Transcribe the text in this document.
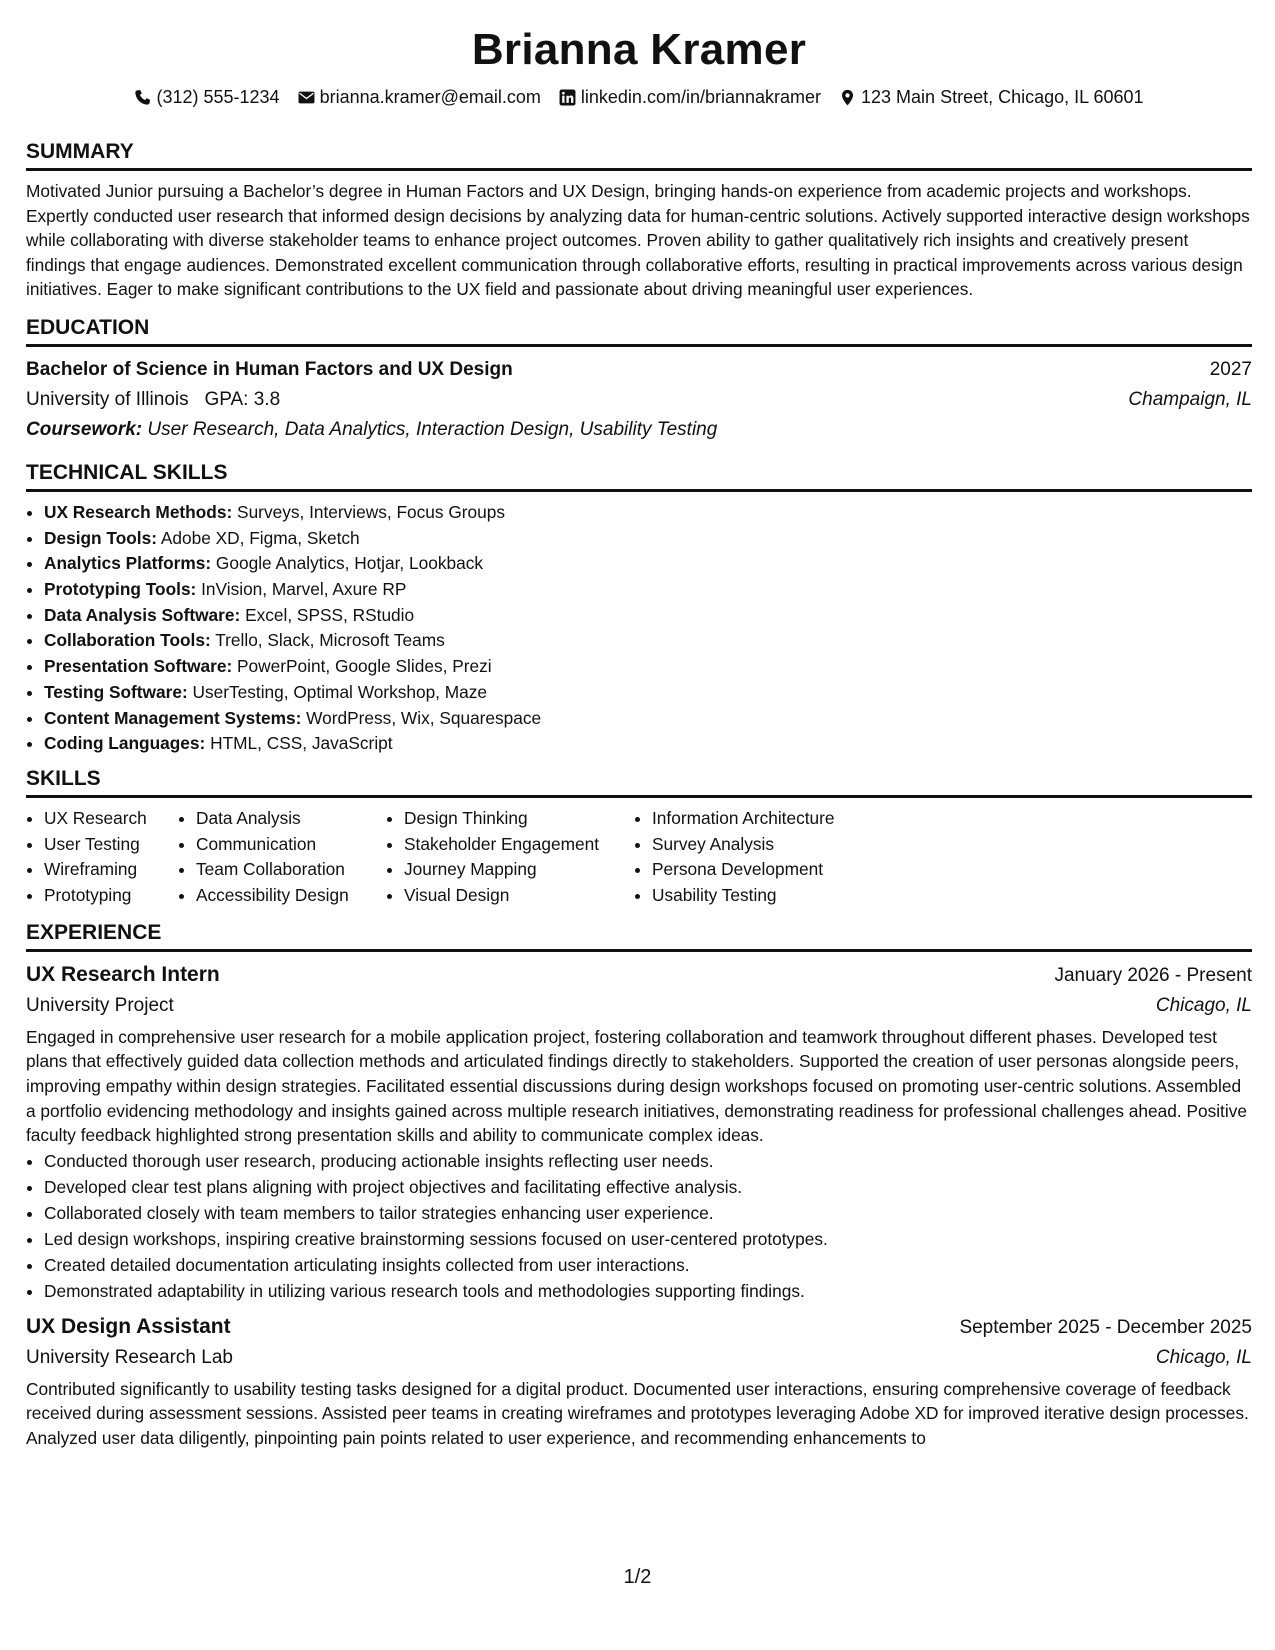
Brianna Kramer
(312) 555-1234 brianna.kramer@email.com linkedin.com/in/briannakramer 123 Main Street, Chicago, IL 60601
SUMMARY

Motivated Junior pursuing a Bachelor’s degree in Human Factors and UX Design, bringing hands-on experience from academic projects and workshops. Expertly conducted user research that informed design decisions by analyzing data for human-centric solutions. Actively supported interactive design workshops while collaborating with diverse stakeholder teams to enhance project outcomes. Proven ability to gather qualitatively rich insights and creatively present findings that engage audiences. Demonstrated excellent communication through collaborative efforts, resulting in practical improvements across various design initiatives. Eager to make significant contributions to the UX field and passionate about driving meaningful user experiences.

EDUCATION
Bachelor of Science in Human Factors and UX Design	2027
University of Illinois GPA: 3.8	Champaign, IL
Coursework: User Research, Data Analytics, Interaction Design, Usability Testing
TECHNICAL SKILLS
• UX Research Methods: Surveys, Interviews, Focus Groups
• Design Tools: Adobe XD, Figma, Sketch
• Analytics Platforms: Google Analytics, Hotjar, Lookback
• Prototyping Tools: InVision, Marvel, Axure RP
• Data Analysis Software: Excel, SPSS, RStudio
• Collaboration Tools: Trello, Slack, Microsoft Teams
• Presentation Software: PowerPoint, Google Slides, Prezi
• Testing Software: UserTesting, Optimal Workshop, Maze
• Content Management Systems: WordPress, Wix, Squarespace
• Coding Languages: HTML, CSS, JavaScript
SKILLS
• UX Research
• User Testing
• Wireframing
• Prototyping
• Data Analysis
• Communication
• Team Collaboration
• Accessibility Design
• Design Thinking
• Stakeholder Engagement
• Journey Mapping
• Visual Design
• Information Architecture
• Survey Analysis
• Persona Development
• Usability Testing
EXPERIENCE
UX Research Intern	January 2026 - Present
University Project	Chicago, IL

Engaged in comprehensive user research for a mobile application project, fostering collaboration and teamwork throughout different phases. Developed test plans that effectively guided data collection methods and articulated findings directly to stakeholders. Supported the creation of user personas alongside peers, improving empathy within design strategies. Facilitated essential discussions during design workshops focused on promoting user-centric solutions. Assembled a portfolio evidencing methodology and insights gained across multiple research initiatives, demonstrating readiness for professional challenges ahead. Positive faculty feedback highlighted strong presentation skills and ability to communicate complex ideas.

• Conducted thorough user research, producing actionable insights reflecting user needs.
• Developed clear test plans aligning with project objectives and facilitating effective analysis.
• Collaborated closely with team members to tailor strategies enhancing user experience.
• Led design workshops, inspiring creative brainstorming sessions focused on user-centered prototypes.
• Created detailed documentation articulating insights collected from user interactions.
• Demonstrated adaptability in utilizing various research tools and methodologies supporting findings.
UX Design Assistant	September 2025 - December 2025
University Research Lab	Chicago, IL

Contributed significantly to usability testing tasks designed for a digital product. Documented user interactions, ensuring comprehensive coverage of feedback received during assessment sessions. Assisted peer teams in creating wireframes and prototypes leveraging Adobe XD for improved iterative design processes. Analyzed user data diligently, pinpointing pain points related to user experience, and recommending enhancements to

1/2
